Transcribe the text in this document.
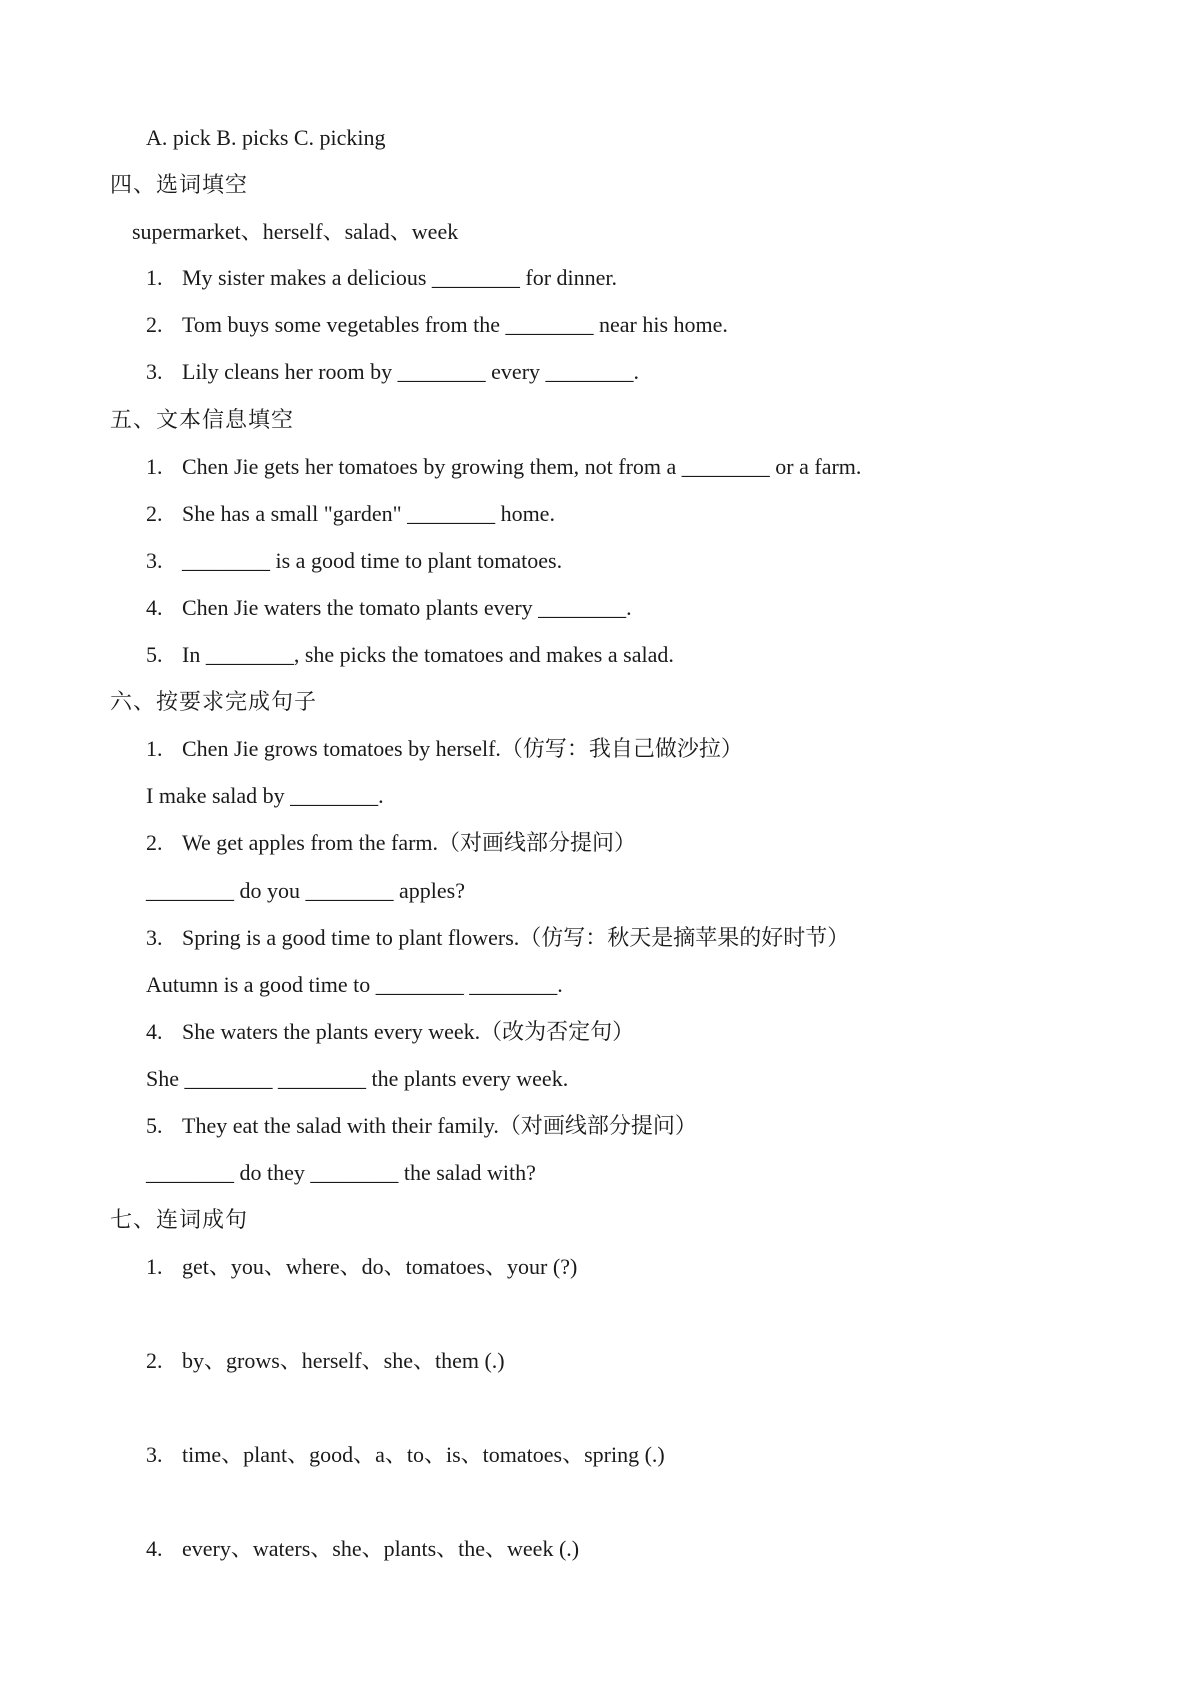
A. pick B. picks C. picking
四、选词填空
supermarket、herself、salad、week
1. My sister makes a delicious ________ for dinner.
2. Tom buys some vegetables from the ________ near his home.
3. Lily cleans her room by ________ every ________.
五、文本信息填空
1. Chen Jie gets her tomatoes by growing them, not from a ________ or a farm.
2. She has a small "garden" ________ home.
3. ________ is a good time to plant tomatoes.
4. Chen Jie waters the tomato plants every ________.
5. In ________, she picks the tomatoes and makes a salad.
六、按要求完成句子
1. Chen Jie grows tomatoes by herself.（仿写：我自己做沙拉）
I make salad by ________.
2. We get apples from the farm.（对画线部分提问）
________ do you ________ apples?
3. Spring is a good time to plant flowers.（仿写：秋天是摘苹果的好时节）
Autumn is a good time to ________ ________.
4. She waters the plants every week.（改为否定句）
She ________ ________ the plants every week.
5. They eat the salad with their family.（对画线部分提问）
________ do they ________ the salad with?
七、连词成句
1. get、you、where、do、tomatoes、your (?)
2. by、grows、herself、she、them (.)
3. time、plant、good、a、to、is、tomatoes、spring (.)
4. every、waters、she、plants、the、week (.)
